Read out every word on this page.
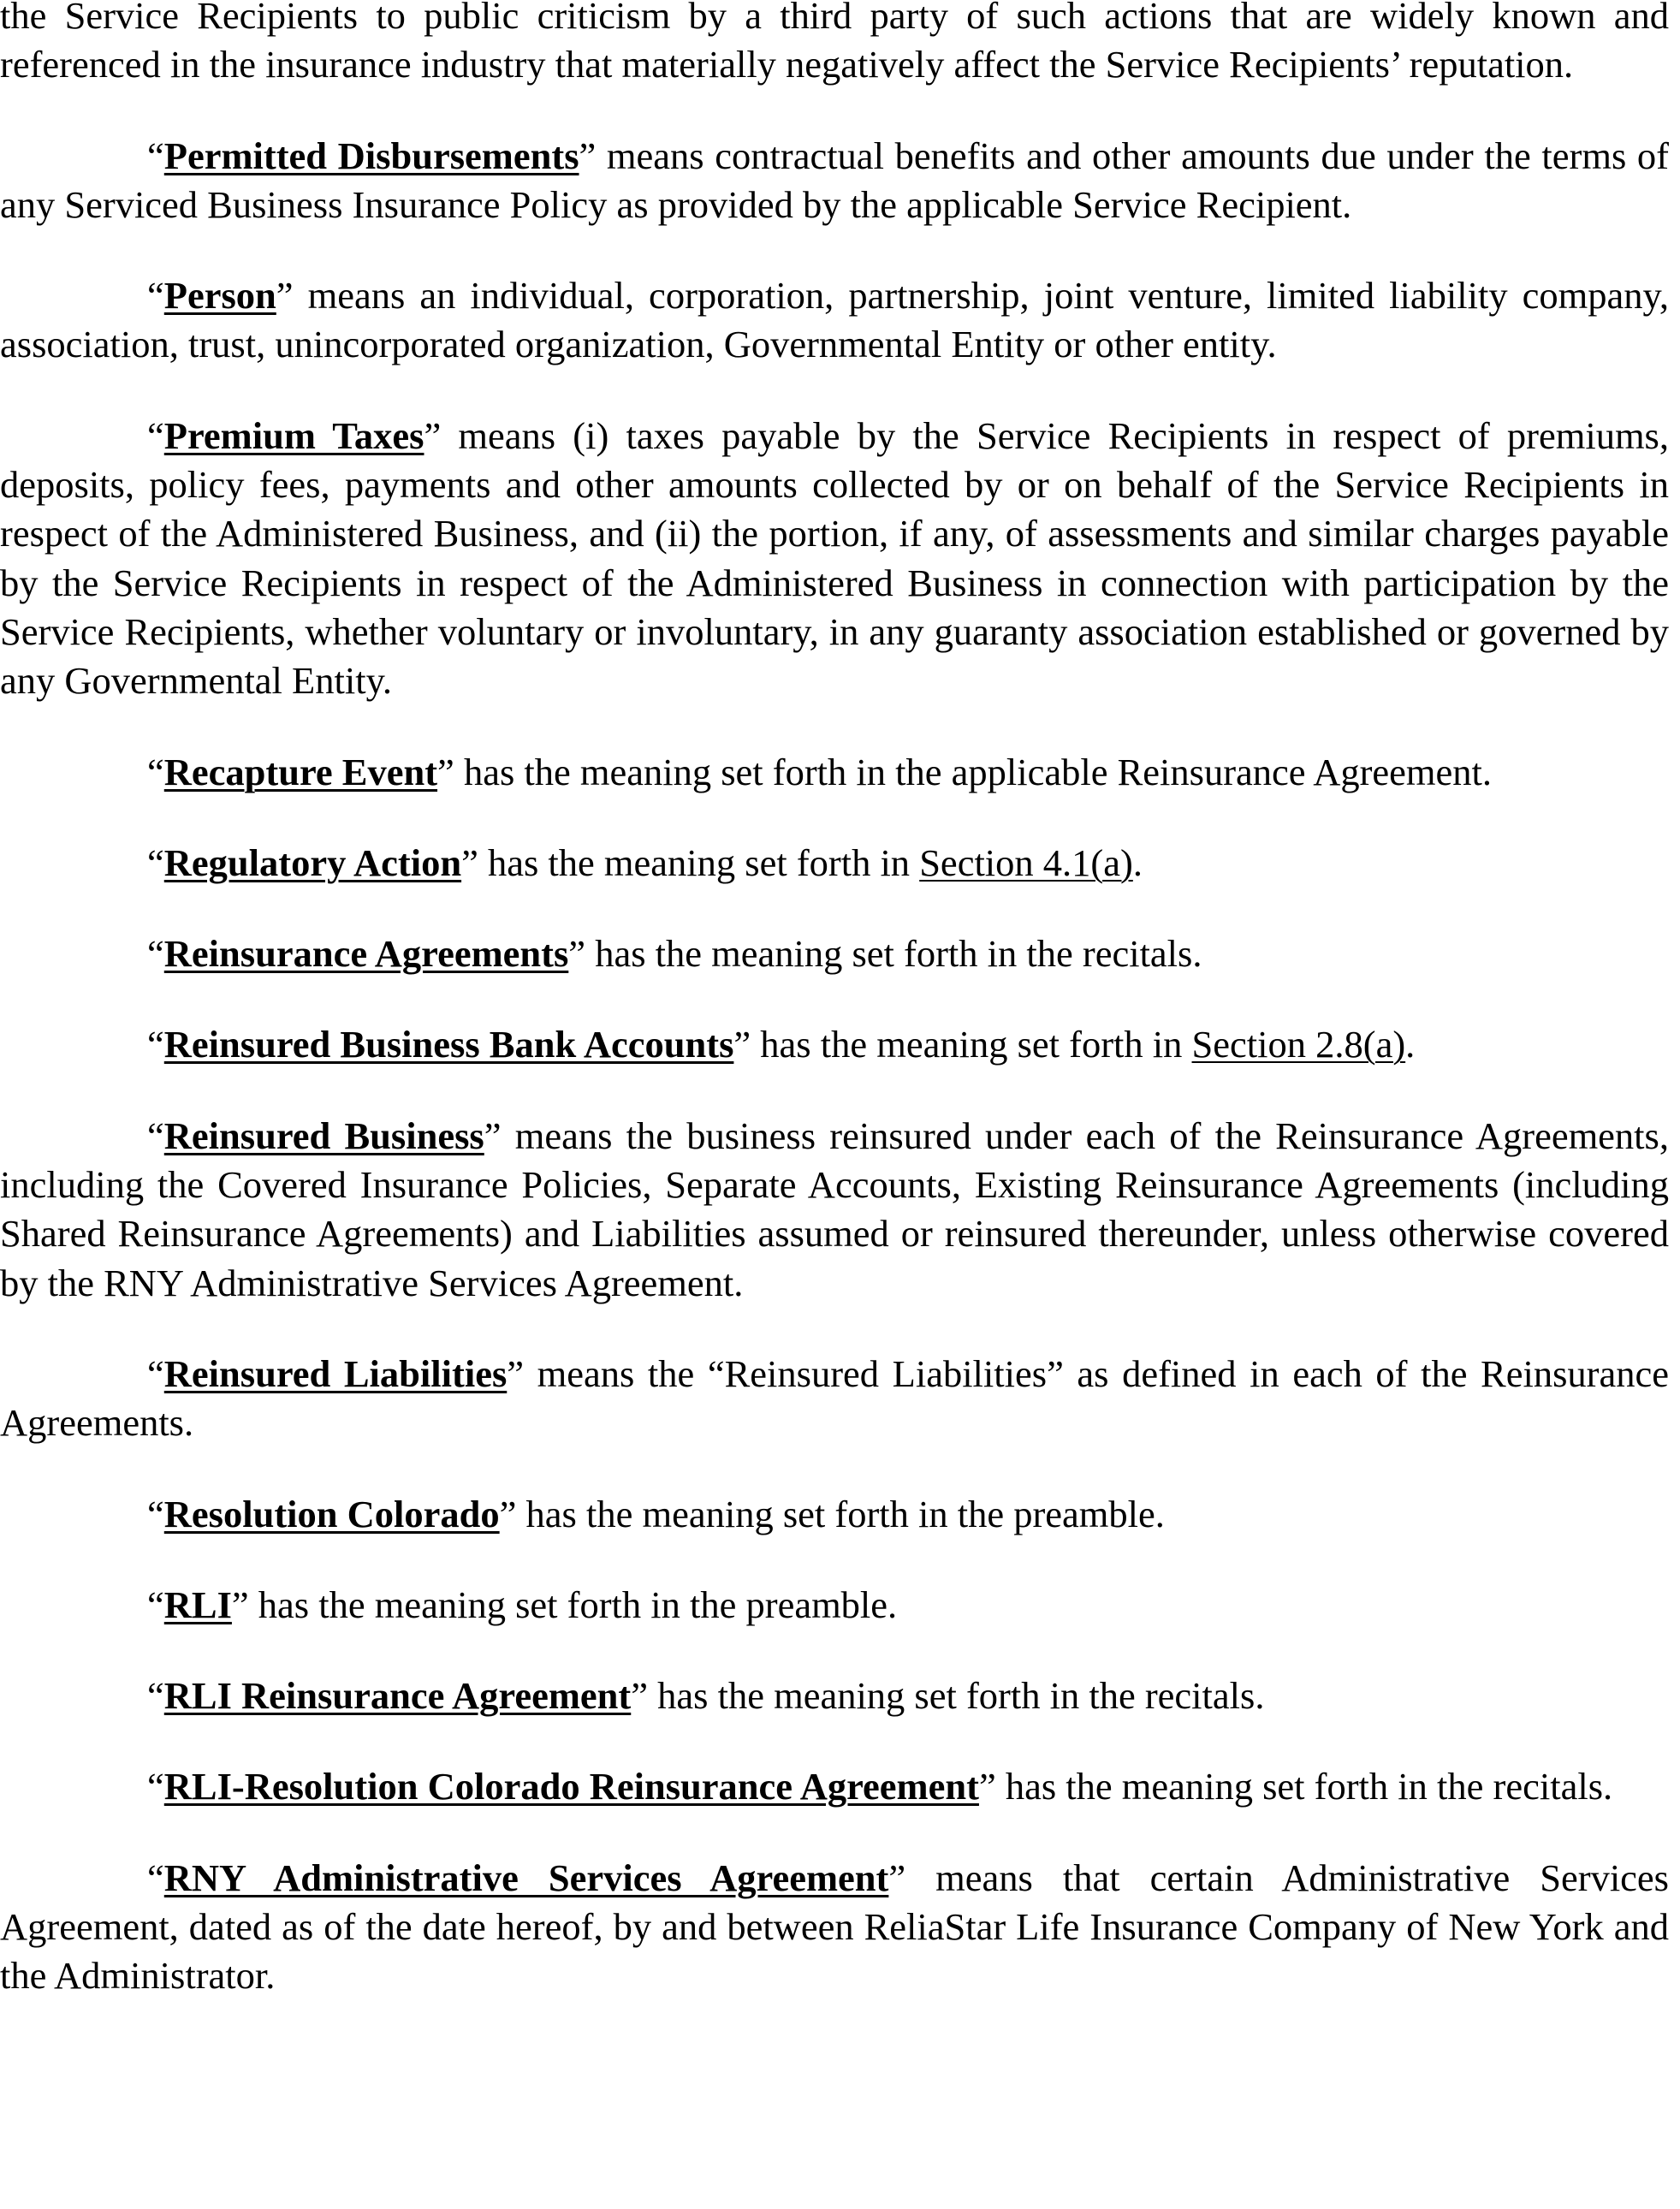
the Service Recipients to public criticism by a third party of such actions that are widely known and referenced in the insurance industry that materially negatively affect the Service Recipients’ reputation.

“Permitted Disbursements” means contractual benefits and other amounts due under the terms of any Serviced Business Insurance Policy as provided by the applicable Service Recipient.

“Person” means an individual, corporation, partnership, joint venture, limited liability company, association, trust, unincorporated organization, Governmental Entity or other entity.

“Premium Taxes” means (i) taxes payable by the Service Recipients in respect of premiums, deposits, policy fees, payments and other amounts collected by or on behalf of the Service Recipients in respect of the Administered Business, and (ii) the portion, if any, of assessments and similar charges payable by the Service Recipients in respect of the Administered Business in connection with participation by the Service Recipients, whether voluntary or involuntary, in any guaranty association established or governed by any Governmental Entity.

“Recapture Event” has the meaning set forth in the applicable Reinsurance Agreement.

“Regulatory Action” has the meaning set forth in Section 4.1(a).

“Reinsurance Agreements” has the meaning set forth in the recitals.

“Reinsured Business Bank Accounts” has the meaning set forth in Section 2.8(a).

“Reinsured Business” means the business reinsured under each of the Reinsurance Agreements, including the Covered Insurance Policies, Separate Accounts, Existing Reinsurance Agreements (including Shared Reinsurance Agreements) and Liabilities assumed or reinsured thereunder, unless otherwise covered by the RNY Administrative Services Agreement.

“Reinsured Liabilities” means the “Reinsured Liabilities” as defined in each of the Reinsurance Agreements.

“Resolution Colorado” has the meaning set forth in the preamble.

“RLI” has the meaning set forth in the preamble.

“RLI Reinsurance Agreement” has the meaning set forth in the recitals.

“RLI-Resolution Colorado Reinsurance Agreement” has the meaning set forth in the recitals.

“RNY Administrative Services Agreement” means that certain Administrative Services Agreement, dated as of the date hereof, by and between ReliaStar Life Insurance Company of New York and the Administrator.
